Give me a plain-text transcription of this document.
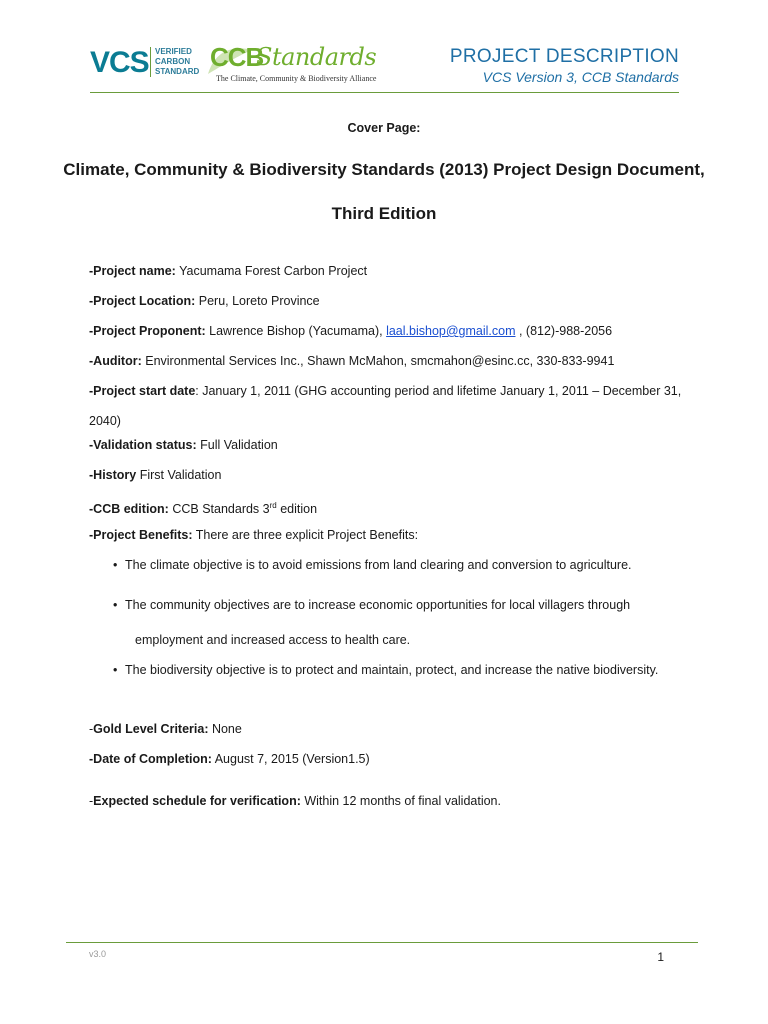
VCS VERIFIED
CARBON
STANDARD CCB
Standards
The Climate, Community & Biodiversity Alliance
PROJECT DESCRIPTION
VCS Version 3, CCB Standards
Cover Page:
Climate, Community & Biodiversity Standards (2013) Project Design Document, Third Edition
-Project name: Yacumama Forest Carbon Project
-Project Location: Peru, Loreto Province
-Project Proponent: Lawrence Bishop (Yacumama), laal.bishop@gmail.com , (812)-988-2056
-Auditor: Environmental Services Inc., Shawn McMahon, smcmahon@esinc.cc, 330-833-9941
-Project start date: January 1, 2011 (GHG accounting period and lifetime January 1, 2011 – December 31, 2040)
-Validation status: Full Validation
-History First Validation
-CCB edition: CCB Standards 3rd edition
-Project Benefits: There are three explicit Project Benefits:
• The climate objective is to avoid emissions from land clearing and conversion to agriculture.
• The community objectives are to increase economic opportunities for local villagers through
employment and increased access to health care.
• The biodiversity objective is to protect and maintain, protect, and increase the native biodiversity.
-Gold Level Criteria: None
-Date of Completion: August 7, 2015 (Version1.5)
-Expected schedule for verification: Within 12 months of final validation.
v3.0	1
